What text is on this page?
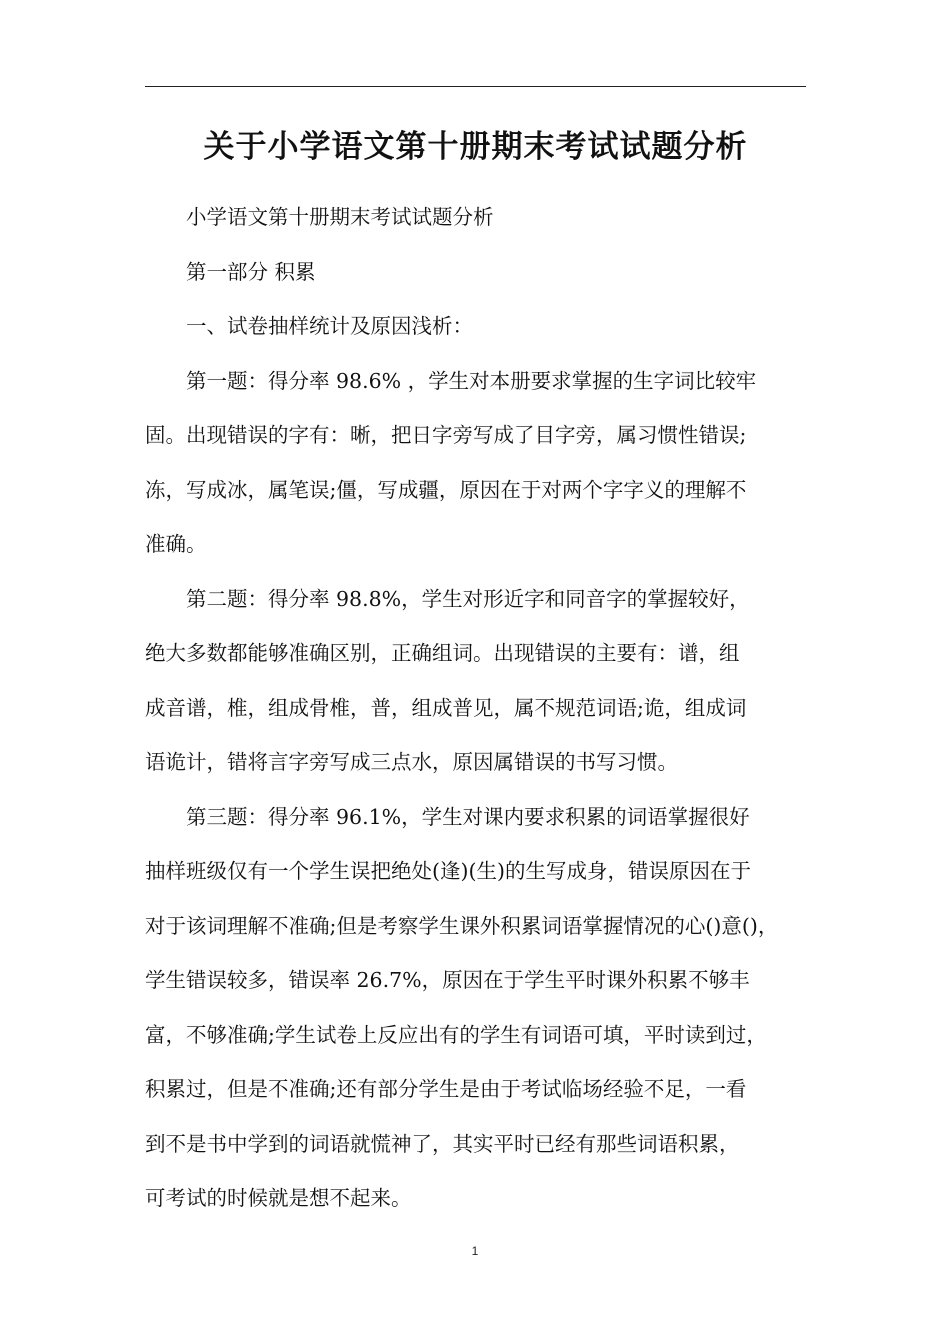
关于小学语文第十册期末考试试题分析

小学语文第十册期末考试试题分析

第一部分 积累

一、试卷抽样统计及原因浅析：

第一题：得分率 98.6% ，学生对本册要求掌握的生字词比较牢
固。出现错误的字有：晰，把日字旁写成了目字旁，属习惯性错误;
冻，写成冰，属笔误;僵，写成疆，原因在于对两个字字义的理解不
准确。

第二题：得分率 98.8%，学生对形近字和同音字的掌握较好，
绝大多数都能够准确区别，正确组词。出现错误的主要有：谱，组
成音谱，椎，组成骨椎，普，组成普见，属不规范词语;诡，组成词
语诡计，错将言字旁写成三点水，原因属错误的书写习惯。

第三题：得分率 96.1%，学生对课内要求积累的词语掌握很好
抽样班级仅有一个学生误把绝处(逢)(生)的生写成身，错误原因在于
对于该词理解不准确;但是考察学生课外积累词语掌握情况的心()意()，
学生错误较多，错误率 26.7%，原因在于学生平时课外积累不够丰
富，不够准确;学生试卷上反应出有的学生有词语可填，平时读到过，
积累过，但是不准确;还有部分学生是由于考试临场经验不足，一看
到不是书中学到的词语就慌神了，其实平时已经有那些词语积累，
可考试的时候就是想不起来。

1
